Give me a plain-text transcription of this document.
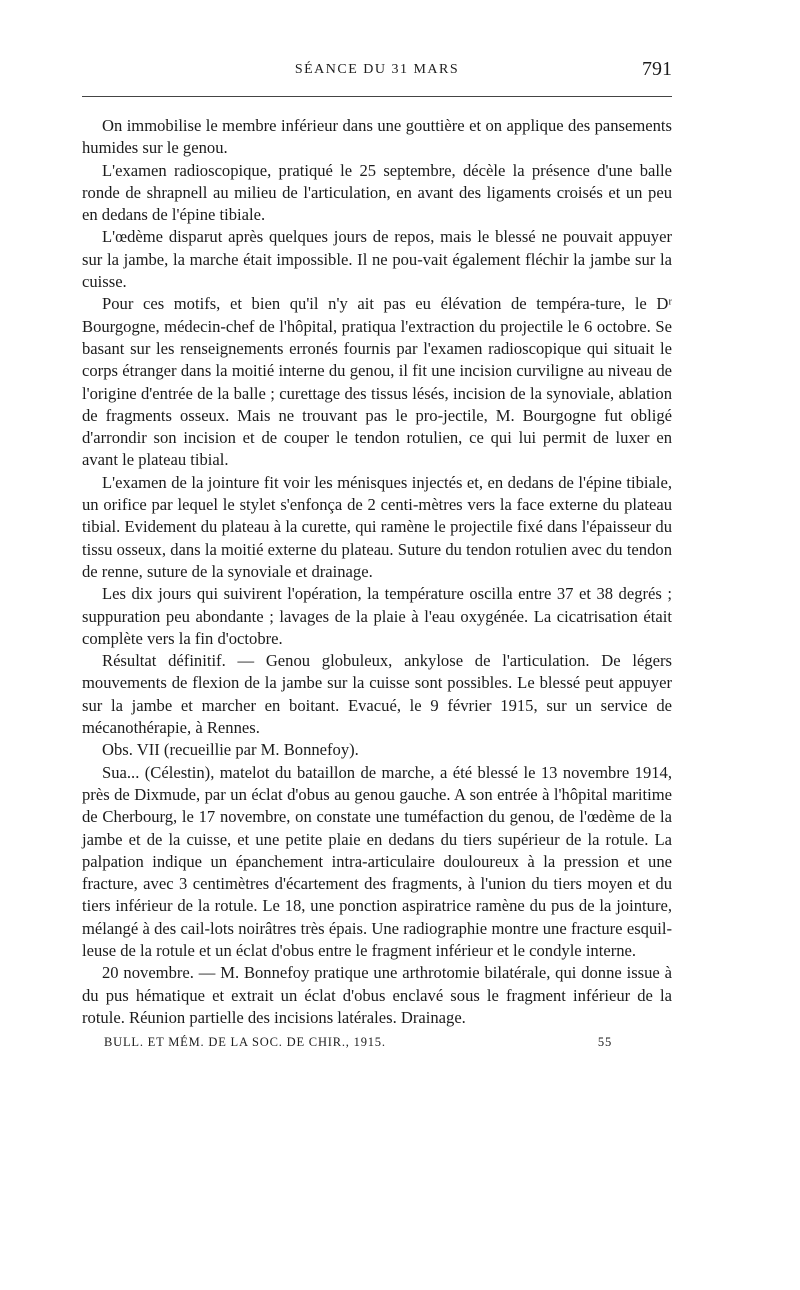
SÉANCE DU 31 MARS	791

On immobilise le membre inférieur dans une gouttière et on applique des pansements humides sur le genou.

L'examen radioscopique, pratiqué le 25 septembre, décèle la présence d'une balle ronde de shrapnell au milieu de l'articulation, en avant des ligaments croisés et un peu en dedans de l'épine tibiale.

L'œdème disparut après quelques jours de repos, mais le blessé ne pouvait appuyer sur la jambe, la marche était impossible. Il ne pou-vait également fléchir la jambe sur la cuisse.

Pour ces motifs, et bien qu'il n'y ait pas eu élévation de tempéra-ture, le Dʳ Bourgogne, médecin-chef de l'hôpital, pratiqua l'extraction du projectile le 6 octobre. Se basant sur les renseignements erronés fournis par l'examen radioscopique qui situait le corps étranger dans la moitié interne du genou, il fit une incision curviligne au niveau de l'origine d'entrée de la balle ; curettage des tissus lésés, incision de la synoviale, ablation de fragments osseux. Mais ne trouvant pas le pro-jectile, M. Bourgogne fut obligé d'arrondir son incision et de couper le tendon rotulien, ce qui lui permit de luxer en avant le plateau tibial.

L'examen de la jointure fit voir les ménisques injectés et, en dedans de l'épine tibiale, un orifice par lequel le stylet s'enfonça de 2 centi-mètres vers la face externe du plateau tibial. Evidement du plateau à la curette, qui ramène le projectile fixé dans l'épaisseur du tissu osseux, dans la moitié externe du plateau. Suture du tendon rotulien avec du tendon de renne, suture de la synoviale et drainage.

Les dix jours qui suivirent l'opération, la température oscilla entre 37 et 38 degrés ; suppuration peu abondante ; lavages de la plaie à l'eau oxygénée. La cicatrisation était complète vers la fin d'octobre.

Résultat définitif. — Genou globuleux, ankylose de l'articulation. De légers mouvements de flexion de la jambe sur la cuisse sont possibles. Le blessé peut appuyer sur la jambe et marcher en boitant. Evacué, le 9 février 1915, sur un service de mécanothérapie, à Rennes.

Obs. VII (recueillie par M. Bonnefoy).

Sua... (Célestin), matelot du bataillon de marche, a été blessé le 13 novembre 1914, près de Dixmude, par un éclat d'obus au genou gauche. A son entrée à l'hôpital maritime de Cherbourg, le 17 novembre, on constate une tuméfaction du genou, de l'œdème de la jambe et de la cuisse, et une petite plaie en dedans du tiers supérieur de la rotule. La palpation indique un épanchement intra-articulaire douloureux à la pression et une fracture, avec 3 centimètres d'écartement des fragments, à l'union du tiers moyen et du tiers inférieur de la rotule. Le 18, une ponction aspiratrice ramène du pus de la jointure, mélangé à des cail-lots noirâtres très épais. Une radiographie montre une fracture esquil-leuse de la rotule et un éclat d'obus entre le fragment inférieur et le condyle interne.

20 novembre. — M. Bonnefoy pratique une arthrotomie bilatérale, qui donne issue à du pus hématique et extrait un éclat d'obus enclavé sous le fragment inférieur de la rotule. Réunion partielle des incisions latérales. Drainage.

BULL. ET MÉM. DE LA SOC. DE CHIR., 1915.	55
